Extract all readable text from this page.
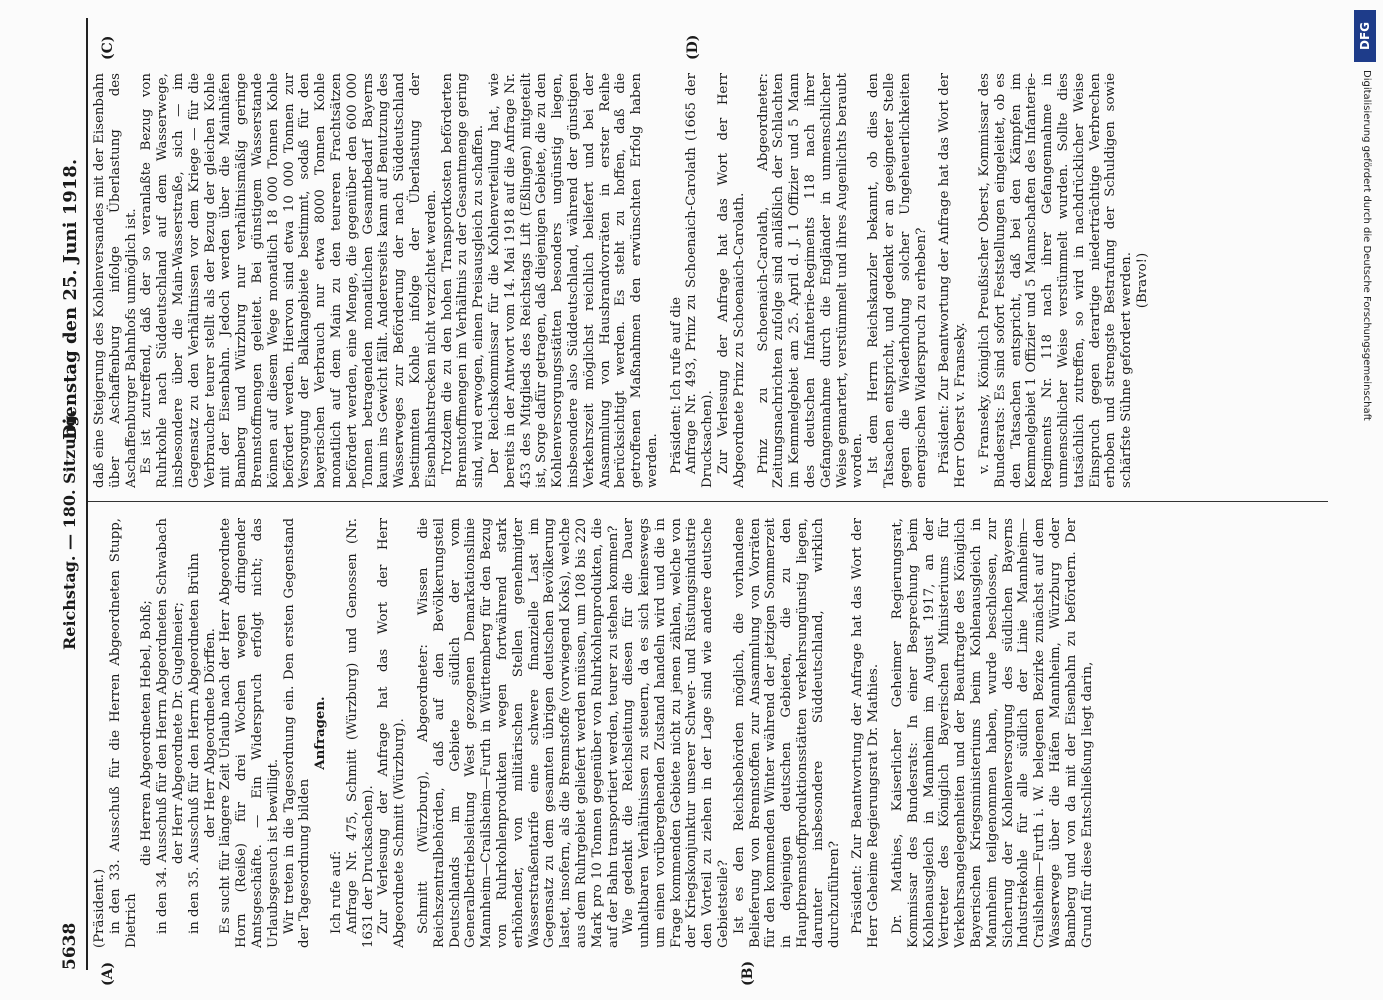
5638
Reichstag. — 180. Sitzung.
Dienstag den 25. Juni 1918.
(A)	(B)
(C)	(D)

(Präsident.) in den 33. Ausschuß für die Herren Abgeordneten Stupp, Dietrich

die Herren Abgeordneten Hebel, Bohß; in den 34. Ausschuß für den Herrn Abgeordneten Schwabach der Herr Abgeordnete Dr. Gugelmeier; in den 35. Ausschuß für den Herrn Abgeordneten Brühn der Herr Abgeordnete Dörffen. Es sucht für längere Zeit Urlaub nach der Herr Abgeordnete Horn (Reiße) für drei Wochen wegen dringender Amtsgeschäfte. — Ein Widerspruch erfolgt nicht; das Urlaubsgesuch ist bewilligt. Wir treten in die Tagesordnung ein. Den ersten Gegenstand der Tagesordnung bilden

Anfragen.

Ich rufe auf: Anfrage Nr. 475, Schmitt (Würzburg) und Genossen (Nr. 1631 der Drucksachen). Zur Verlesung der Anfrage hat das Wort der Herr Abgeordnete Schmitt (Würzburg). Schmitt (Würzburg), Abgeordneter: Wissen die Reichszentralbehörden, daß auf den Bevölkerungsteil Deutschlands im Gebiete südlich der vom Generalbetriebsleitung West gezogenen Demarkationslinie Mannheim—Crailsheim—Furth in Württemberg für den Bezug von Ruhrkohlenprodukten wegen fortwährend stark erhöhender, von militärischen Stellen genehmigter Wasserstraßentarife eine schwere finanzielle Last im Gegensatz zu dem gesamten übrigen deutschen Bevölkerung lastet, insofern, als die Brennstoffe (vorwiegend Koks), welche aus dem Ruhrgebiet geliefert werden müssen, um 108 bis 220 Mark pro 10 Tonnen gegenüber von Ruhrkohlenprodukten, die auf der Bahn transportiert werden, teurer zu stehen kommen? Wie gedenkt die Reichsleitung diesen für die Dauer unhaltbaren Verhältnissen zu steuern, da es sich keineswegs um einen vorübergehenden Zustand handeln wird und die in Frage kommenden Gebiete nicht zu jenen zählen, welche von der Kriegskonjunktur unserer Schwer- und Rüstungsindustrie den Vorteil zu ziehen in der Lage sind wie andere deutsche Gebietsteile? Ist es den Reichsbehörden möglich, die vorhandene Belieferung von Brennstoffen zur Ansammlung von Vorräten für den kommenden Winter während der jetzigen Sommerzeit in denjenigen deutschen Gebieten, die zu den Hauptbrennstoffproduktionsstätten verkehrsungünstig liegen, darunter insbesondere Süddeutschland, wirklich durchzuführen? Präsident: Zur Beantwortung der Anfrage hat das Wort der Herr Geheime Regierungsrat Dr. Mathies. Dr. Mathies, Kaiserlicher Geheimer Regierungsrat, Kommissar des Bundesrats: In einer Besprechung beim Kohlenausgleich in Mannheim im August 1917, an der Vertreter des Königlich Bayerischen Ministeriums für Verkehrsangelegenheiten und der Beauftragte des Königlich Bayerischen Kriegsministeriums beim Kohlenausgleich in Mannheim teilgenommen haben, wurde beschlossen, zur Sicherung der Kohlenversorgung des südlichen Bayerns Industriekohle für alle südlich der Linie Mannheim—Crailsheim—Furth i. W. belegenen Bezirke zunächst auf dem Wasserwege über die Häfen Mannheim, Würzburg oder Bamberg und von da mit der Eisenbahn zu befördern. Der Grund für diese Entschließung liegt darin,

daß eine Steigerung des Kohlenversandes mit der Eisenbahn über Aschaffenburg infolge Überlastung des Aschaffenburger Bahnhofs unmöglich ist. Es ist zutreffend, daß der so veranlaßte Bezug von Ruhrkohle nach Süddeutschland auf dem Wasserwege, insbesondere über die Main-Wasserstraße, sich — im Gegensatz zu den Verhältnissen vor dem Kriege — für die Verbraucher teurer stellt als der Bezug der gleichen Kohle mit der Eisenbahn. Jedoch werden über die Mainhäfen Bamberg und Würzburg nur verhältnismäßig geringe Brennstoffmengen geleitet. Bei günstigem Wasserstande können auf diesem Wege monatlich 18 000 Tonnen Kohle befördert werden. Hiervon sind etwa 10 000 Tonnen zur Versorgung der Balkangebiete bestimmt, sodaß für den bayerischen Verbrauch nur etwa 8000 Tonnen Kohle monatlich auf dem Main zu den teureren Frachtsätzen befördert werden, eine Menge, die gegenüber den 600 000 Tonnen betragenden monatlichen Gesamtbedarf Bayerns kaum ins Gewicht fällt. Andererseits kann auf Benutzung des Wasserweges zur Beförderung der nach Süddeutschland bestimmten Kohle infolge der Überlastung der Eisenbahnstrecken nicht verzichtet werden. Trotzdem die zu den hohen Transportkosten beförderten Brennstoffmengen im Verhältnis zu der Gesamtmenge gering sind, wird erwogen, einen Preisausgleich zu schaffen. Der Reichskommissar für die Kohlenverteilung hat, wie bereits in der Antwort vom 14. Mai 1918 auf die Anfrage Nr. 453 des Mitglieds des Reichstags Lift (Eßlingen) mitgeteilt ist, Sorge dafür getragen, daß diejenigen Gebiete, die zu den Kohlenversorgungsstätten besonders ungünstig liegen, insbesondere also Süddeutschland, während der günstigen Verkehrszeit möglichst reichlich beliefert und bei der Ansammlung von Hausbrandvorräten in erster Reihe berücksichtigt werden. Es steht zu hoffen, daß die getroffenen Maßnahmen den erwünschten Erfolg haben werden. Präsident: Ich rufe auf die Anfrage Nr. 493, Prinz zu Schoenaich-Carolath (1665 der Drucksachen). Zur Verlesung der Anfrage hat das Wort der Herr Abgeordnete Prinz zu Schoenaich-Carolath. Prinz zu Schoenaich-Carolath, Abgeordneter: Zeitungsnachrichten zufolge sind anläßlich der Schlachten im Kemmelgebiet am 25. April d. J. 1 Offizier und 5 Mann des deutschen Infanterie-Regiments 118 nach ihrer Gefangennahme durch die Engländer in unmenschlicher Weise gemartert, verstümmelt und ihres Augenlichts beraubt worden. Ist dem Herrn Reichskanzler bekannt, ob dies den Tatsachen entspricht, und gedenkt er an geeigneter Stelle gegen die Wiederholung solcher Ungeheuerlichkeiten energischen Widerspruch zu erheben? Präsident: Zur Beantwortung der Anfrage hat das Wort der Herr Oberst v. Franseky. v. Franseky, Königlich Preußischer Oberst, Kommissar des Bundesrats: Es sind sofort Feststellungen eingeleitet, ob es den Tatsachen entspricht, daß bei den Kämpfen im Kemmelgebiet 1 Offizier und 5 Mannschaften des Infanterie-Regiments Nr. 118 nach ihrer Gefangennahme in unmenschlicher Weise verstümmelt wurden. Sollte dies tatsächlich zutreffen, so wird in nachdrücklicher Weise Einspruch gegen derartige niederträchtige Verbrechen erhoben und strengste Bestrafung der Schuldigen sowie schärfste Sühne gefordert werden. (Bravo!)

DFG
Digitalisierung gefördert durch die Deutsche Forschungsgemeinschaft
